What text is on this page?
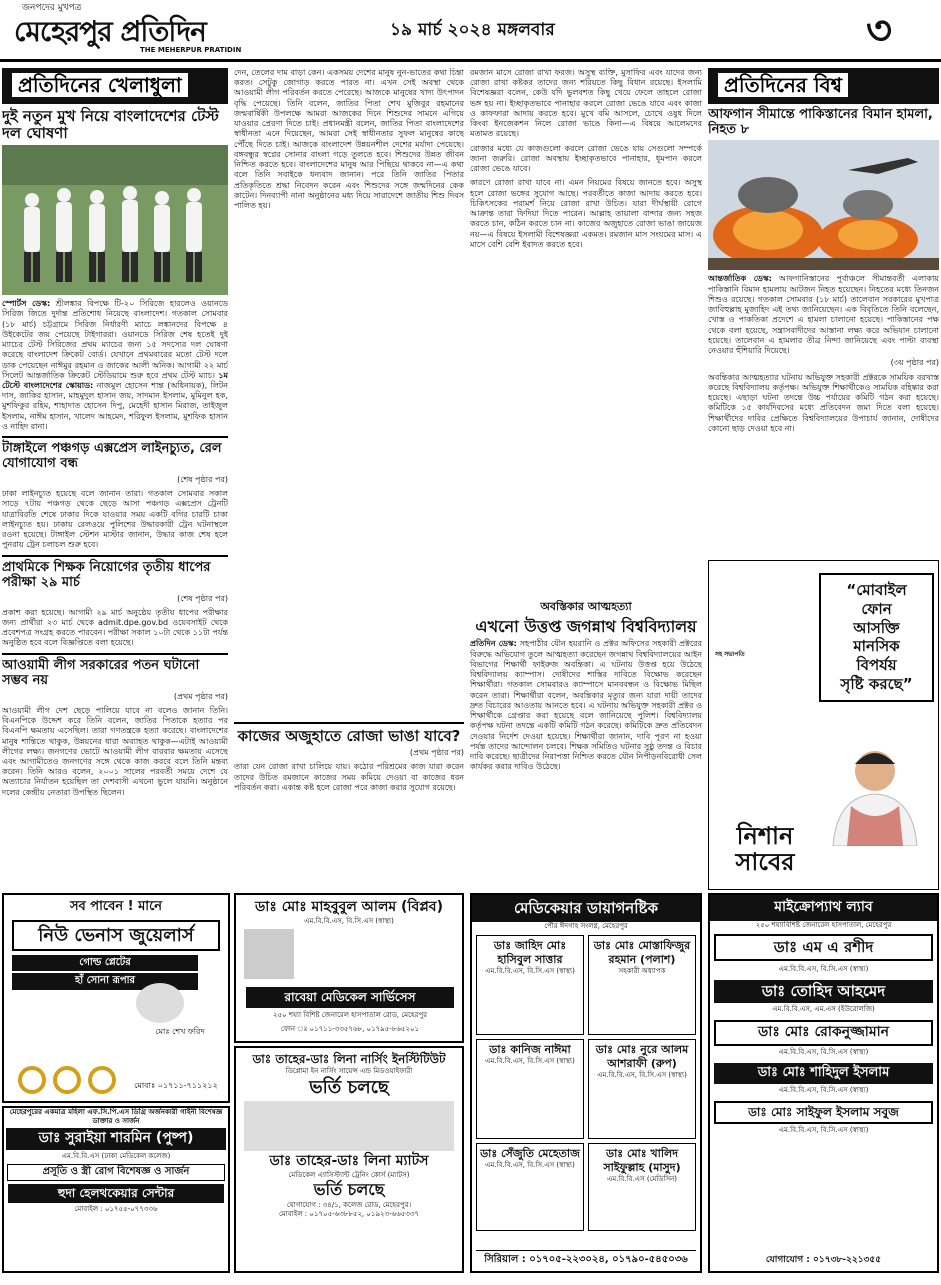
জনপদের মুখপত্র
মেহেরপুর প্রতিদিন
THE MEHERPUR PRATIDIN
১৯ মার্চ ২০২৪ মঙ্গলবার	৩
প্রতিদিনের খেলাধুলা
দুই নতুন মুখ নিয়ে বাংলাদেশের টেস্ট দল ঘোষণা
স্পোর্টস ডেস্ক: শ্রীলঙ্কার বিপক্ষে টি-২০ সিরিজে হারলেও ওয়ানডে সিরিজ জিতে দুর্দান্ত প্রতিশোধ নিয়েছে বাংলাদেশ। গতকাল সোমবার (১৮ মার্চ) চট্টগ্রামে সিরিজ নির্ধারণী ম্যাচে লঙ্কানদের বিপক্ষে ৪ উইকেটের জয় পেয়েছে টাইগাররা। ওয়ানডে সিরিজ শেষ হতেই দুই ম্যাচের টেস্ট সিরিজের প্রথম ম্যাচের জন্য ১৫ সদস্যের দল ঘোষণা করেছে বাংলাদেশ ক্রিকেট বোর্ড। যেখানে প্রথমবারের মতো টেস্ট দলে ডাক পেয়েছেন নাঈমুর রহমান ও জাকের আলী অনিক। আগামী ২২ মার্চ সিলেট আন্তর্জাতিক ক্রিকেট স্টেডিয়ামে শুরু হবে প্রথম টেস্ট ম্যাচ। ১ম টেস্টে বাংলাদেশের স্কোয়াড: নাজমুল হোসেন শান্ত (অধিনায়ক), লিটন দাস, জাকির হাসান, মাহমুদুল হাসান জয়, সাদমান ইসলাম, মুমিনুল হক, মুশফিকুর রহিম, শাহাদাত হোসেন দিপু, মেহেদী হাসান মিরাজ, তাইজুল ইসলাম, নাঈম হাসান, খালেদ আহমেদ, শরিফুল ইসলাম, মুশফিক হাসান ও নাহিদ রানা।
টাঙ্গাইলে পঞ্চগড় এক্সপ্রেস লাইনচ্যুত, রেল যোগাযোগ বন্ধ
(শেষ পৃষ্ঠার পর)
ঢাকা লাইনচ্যুত হয়েছে বলে জানান তারা। গতকাল সোমবার সকাল সাড়ে ৭টায় পঞ্চগড় থেকে ছেড়ে আসা পঞ্চগড় এক্সপ্রেস ট্রেনটি যাত্রাবিরতি শেষে ঢাকার দিকে যাওয়ার সময় একটি বগির চারটি চাকা লাইনচ্যুত হয়। ঢাকায় রেলওয়ে পুলিশের উদ্ধারকারী ট্রেন ঘটনাস্থলে রওনা হয়েছে। টাঙ্গাইল স্টেশন মাস্টার জানান, উদ্ধার কাজ শেষ হলে পুনরায় ট্রেন চলাচল শুরু হবে।
প্রাথমিকে শিক্ষক নিয়োগের তৃতীয় ধাপের পরীক্ষা ২৯ মার্চ
(শেষ পৃষ্ঠার পর)
প্রকাশ করা হয়েছে। আগামী ২৯ মার্চ অনুষ্ঠেয় তৃতীয় ধাপের পরীক্ষার জন্য প্রার্থীরা ২৩ মার্চ থেকে admit.dpe.gov.bd ওয়েবসাইট থেকে প্রবেশপত্র সংগ্রহ করতে পারবেন। পরীক্ষা সকাল ১০টা থেকে ১১টা পর্যন্ত অনুষ্ঠিত হবে বলে বিজ্ঞপ্তিতে বলা হয়েছে।
আওয়ামী লীগ সরকারের পতন ঘটানো সম্ভব নয়
(প্রথম পৃষ্ঠার পর)
আওয়ামী লীগ দেশ ছেড়ে পালিয়ে যাবে না বলেও জানান তিনি। বিএনপিকে উদ্দেশ করে তিনি বলেন, জাতির পিতাকে হত্যার পর বিএনপি ক্ষমতায় এসেছিল। তারা গণতন্ত্রকে হত্যা করেছে। বাংলাদেশের মানুষ শান্তিতে থাকুক, উন্নয়নের ধারা অব্যাহত থাকুক—এটাই আওয়ামী লীগের লক্ষ্য। জনগণের ভোটে আওয়ামী লীগ বারবার ক্ষমতায় এসেছে এবং আগামীতেও জনগণের সঙ্গে থেকে কাজ করবে বলে তিনি মন্তব্য করেন। তিনি আরও বলেন, ২০০১ সালের পরবর্তী সময়ে দেশে যে অত্যাচার নির্যাতন হয়েছিল তা দেশবাসী এখনো ভুলে যায়নি। অনুষ্ঠানে দলের কেন্দ্রীয় নেতারা উপস্থিত ছিলেন।
দেন, তেলের দাম বাড়া কেন। একসময় দেশের মানুষ নুন-ভাতের কথা চিন্তা করত। সেটুকু জোগাড় করতে পারত না। এখন সেই অবস্থা থেকে আওয়ামী লীগ পরিবর্তন করতে পেরেছে। আজকে মানুষের খাদ্য উৎপাদন বৃদ্ধি পেয়েছে। তিনি বলেন, জাতির পিতা শেখ মুজিবুর রহমানের জন্মবার্ষিকী উপলক্ষে আমরা আজকের দিনে শিশুদের সামনে এগিয়ে যাওয়ার প্রেরণা দিতে চাই। প্রধানমন্ত্রী বলেন, জাতির পিতা বাংলাদেশের স্বাধীনতা এনে দিয়েছেন, আমরা সেই স্বাধীনতার সুফল মানুষের কাছে পৌঁছে দিতে চাই। আজকে বাংলাদেশ উন্নয়নশীল দেশের মর্যাদা পেয়েছে। বঙ্গবন্ধুর স্বপ্নের সোনার বাংলা গড়ে তুলতে হবে। শিশুদের উন্নত জীবন নিশ্চিত করতে হবে। বাংলাদেশের মানুষ আর পিছিয়ে থাকবে না—এ কথা বলে তিনি সবাইকে ধন্যবাদ জানান। পরে তিনি জাতির পিতার প্রতিকৃতিতে শ্রদ্ধা নিবেদন করেন এবং শিশুদের সঙ্গে জন্মদিনের কেক কাটেন। দিনব্যাপী নানা অনুষ্ঠানের মধ্য দিয়ে সারাদেশে জাতীয় শিশু দিবস পালিত হয়।
কাজের অজুহাতে রোজা ভাঙা যাবে?
(প্রথম পৃষ্ঠার পর)
তারা যেন রোজা রাখা চালিয়ে যায়। কঠোর পরিশ্রমের কাজ যারা করেন তাদের উচিত রমজানে কাজের সময় কমিয়ে দেওয়া বা কাজের ধরন পরিবর্তন করা। একান্ত কষ্ট হলে রোজা পরে কাজা করার সুযোগ রয়েছে।
রমজান মাসে রোজা রাখা ফরজ। অসুস্থ ব্যক্তি, মুসাফির এবং যাদের জন্য রোজা রাখা কষ্টকর তাদের জন্য শরিয়তে কিছু বিধান রয়েছে। ইসলামি বিশেষজ্ঞরা বলেন, কেউ যদি ভুলবশত কিছু খেয়ে ফেলে তাহলে রোজা ভঙ্গ হয় না। ইচ্ছাকৃতভাবে পানাহার করলে রোজা ভেঙে যাবে এবং কাজা ও কাফফারা আদায় করতে হবে। মুখে বমি আসলে, চোখে ওষুধ দিলে কিংবা ইনজেকশন নিলে রোজা ভাঙে কিনা—এ বিষয়ে আলেমদের মতামত রয়েছে।
রোজার মধ্যে যে কাজগুলো করলে রোজা ভেঙে যায় সেগুলো সম্পর্কে জানা জরুরি। রোজা অবস্থায় ইচ্ছাকৃতভাবে পানাহার, ধূমপান করলে রোজা ভেঙে যাবে।
কারণে রোজা রাখা যাবে না। এমন নিয়মের বিষয়ে জানতে হবে। অসুস্থ হলে রোজা ভঙ্গের সুযোগ আছে। পরবর্তীতে কাজা আদায় করতে হবে। চিকিৎসকের পরামর্শ নিয়ে রোজা রাখা উচিত। যারা দীর্ঘস্থায়ী রোগে আক্রান্ত তারা ফিদিয়া দিতে পারেন। আল্লাহ তায়ালা বান্দার জন্য সহজ করতে চান, কঠিন করতে চান না। কাজের অজুহাতে রোজা ভাঙা জায়েজ নয়—এ বিষয়ে ইসলামী বিশেষজ্ঞরা একমত। রমজান মাস সংযমের মাস। এ মাসে বেশি বেশি ইবাদত করতে হবে।
অবস্তিকার আত্মহত্যা
এখনো উত্তপ্ত জগন্নাথ বিশ্ববিদ্যালয়
প্রতিদিন ডেস্ক: সহপাঠীর যৌন হয়রানি ও প্রক্টর অফিসের সহকারী প্রক্টরের বিরুদ্ধে অভিযোগ তুলে আত্মহত্যা করেছেন জগন্নাথ বিশ্ববিদ্যালয়ের আইন বিভাগের শিক্ষার্থী ফাইরুজ অবন্তিকা। এ ঘটনায় উত্তপ্ত হয়ে উঠেছে বিশ্ববিদ্যালয় ক্যাম্পাস। দোষীদের শাস্তির দাবিতে বিক্ষোভ করেছেন শিক্ষার্থীরা। গতকাল সোমবারও ক্যাম্পাসে মানববন্ধন ও বিক্ষোভ মিছিল করেন তারা। শিক্ষার্থীরা বলেন, অবন্তিকার মৃত্যুর জন্য যারা দায়ী তাদের দ্রুত বিচারের আওতায় আনতে হবে। এ ঘটনায় অভিযুক্ত সহকারী প্রক্টর ও শিক্ষার্থীকে গ্রেপ্তার করা হয়েছে বলে জানিয়েছে পুলিশ। বিশ্ববিদ্যালয় কর্তৃপক্ষ ঘটনা তদন্তে একটি কমিটি গঠন করেছে। কমিটিকে দ্রুত প্রতিবেদন দেওয়ার নির্দেশ দেওয়া হয়েছে। শিক্ষার্থীরা জানান, দাবি পূরণ না হওয়া পর্যন্ত তাদের আন্দোলন চলবে। শিক্ষক সমিতিও ঘটনার সুষ্ঠু তদন্ত ও বিচার দাবি করেছে। ছাত্রীদের নিরাপত্তা নিশ্চিত করতে যৌন নিপীড়নবিরোধী সেল কার্যকর করার দাবিও উঠেছে।
প্রতিদিনের বিশ্ব
আফগান সীমান্তে পাকিস্তানের বিমান হামলা, নিহত ৮
আন্তর্জাতিক ডেস্ক: আফগানিস্তানের পূর্বাঞ্চলে সীমান্তবর্তী এলাকায় পাকিস্তানি বিমান হামলায় আটজন নিহত হয়েছেন। নিহতের মধ্যে তিনজন শিশুও রয়েছে। গতকাল সোমবার (১৮ মার্চ) তালেবান সরকারের মুখপাত্র জাবিহুল্লাহ মুজাহিদ এই তথ্য জানিয়েছেন। এক বিবৃতিতে তিনি বলেছেন, খোস্ত ও পাকতিকা প্রদেশে এ হামলা চালানো হয়েছে। পাকিস্তানের পক্ষ থেকে বলা হয়েছে, সন্ত্রাসবাদীদের আস্তানা লক্ষ্য করে অভিযান চালানো হয়েছে। তালেবান এ হামলার তীব্র নিন্দা জানিয়েছে এবং পাল্টা ব্যবস্থা নেওয়ার হুঁশিয়ারি দিয়েছে।
(৩য় পৃষ্ঠার পর)
অবন্তিকার আত্মহত্যার ঘটনায় অভিযুক্ত সহকারী প্রক্টরকে সাময়িক বরখাস্ত করেছে বিশ্ববিদ্যালয় কর্তৃপক্ষ। অভিযুক্ত শিক্ষার্থীকেও সাময়িক বহিষ্কার করা হয়েছে। এছাড়া ঘটনা তদন্তে উচ্চ পর্যায়ের কমিটি গঠন করা হয়েছে। কমিটিকে ১৫ কার্যদিবসের মধ্যে প্রতিবেদন জমা দিতে বলা হয়েছে। শিক্ষার্থীদের দাবির প্রেক্ষিতে বিশ্ববিদ্যালয়ের উপাচার্য জানান, দোষীদের কোনো ছাড় দেওয়া হবে না।
“মোবাইল
ফোন
আসক্তি
মানসিক
বিপর্যয়
সৃষ্টি করছে”
সহ সভাপতি
নিশান সাবের
সব পাবেন ! মানে
নিউ ভেনাস জুয়েলার্স
গোল্ড প্লেটের
হাঁ সোনা রূপার
মোঃ শেখ ফরিদ
মোবাঃ ০১৭১১-৭১১২১২
ডাঃ মোঃ মাহবুবুল আলম (বিপ্লব)
এম.বি.বি.এস, বি.সি.এস (স্বাস্থ্য)
রাবেয়া মেডিকেল সার্ভিসেস
২৫০ শয্যা বিশিষ্ট জেনারেল হাসপাতাল রোড, মেহেরপুর
ফোন ঃ ০১৭১১-৩৩৫৭৬৮, ০১৭৯৫-৮৬৫২০১
মেডিকেয়ার ডায়াগনষ্টিক
পৌর ঈদগাহ সংলগ্ন, মেহেরপুর
ডাঃ জাহিদ মোঃ হাসিবুল সাত্তার
এম.বি.বি.এস, বি.সি.এস (স্বাস্থ্য)
ডাঃ মোঃ মোস্তাফিজুর রহমান (পলাশ)
সহকারী অধ্যাপক
ডাঃ কানিজ নাঈমা
এম.বি.বি.এস, বি.সি.এস (স্বাস্থ্য)
ডাঃ মোঃ নুরে আলম আশরাফী (রুপ)
এম.বি.বি.এস, বি.সি.এস (স্বাস্থ্য)
ডাঃ সেঁজুতি মেহেতাজ
এম.বি.বি.এস, বি.সি.এস (স্বাস্থ্য)
ডাঃ মোঃ খালিদ সাইফুল্লাহ (মাসুদ)
এম.বি.বি.এস (মেডিসিন)
সিরিয়াল : ০১৭০৫-২২৩০২৪, ০১৭৯০-৫৪৫০৩৬
মাইক্রোপ্যাথ ল্যাব
২৫০ শয্যাবিশিষ্ট জেনারেল হাসপাতাল, মেহেরপুর
ডাঃ এম এ রশীদ
এম.বি.বি.এস, বি.সি.এস (স্বাস্থ্য)
ডাঃ তোহিদ আহমেদ
এম.বি.বি.এস, এম.এস (ইউরোলজি)
ডাঃ মোঃ রোকনুজ্জামান
এম.বি.বি.এস, বি.সি.এস (স্বাস্থ্য)
ডাঃ মোঃ শাহিদুল ইসলাম
এম.বি.বি.এস, বি.সি.এস (স্বাস্থ্য)
ডাঃ মোঃ সাইফুল ইসলাম সবুজ
এম.বি.বি.এস, বি.সি.এস (স্বাস্থ্য)
যোগাযোগ : ০১৭৩৮-২২১৩৫৫
ডাঃ তাহের-ডাঃ লিনা নার্সিং ইনস্টিটিউট
ডিপ্লোমা ইন নার্সিং সায়েন্স এন্ড মিডওয়াইফারী
ভর্তি চলছে
ডাঃ তাহের-ডাঃ লিনা ম্যাটস
মেডিকেল এ্যাসিস্ট্যান্ট ট্রেনিং কোর্স (ম্যাটস)
ভর্তি চলছে
যোগাযোগ : ৩৪/১, কলেজ রোড, মেহেরপুর।
মোবাইল : ০১৭০৫-৬৩৮৮৫২, ০১৯২৩-৬৬৫৩৩৭
মেহেরপুরের একমাত্র মহিলা এফ.সি.পি.এস ডিগ্রি অর্জনকারী গাইনী বিশেষজ্ঞ ডাক্তার ও সার্জন
ডাঃ সুরাইয়া শারমিন (পুষ্প)
এম.বি.বি.এস (ঢাকা মেডিকেল কলেজ)
প্রসূতি ও স্ত্রী রোগ বিশেষজ্ঞ ও সার্জন
হুদা হেলথকেয়ার সেন্টার
মোবাইল : ০১৭৫৫-০৭৭৩৩৬
